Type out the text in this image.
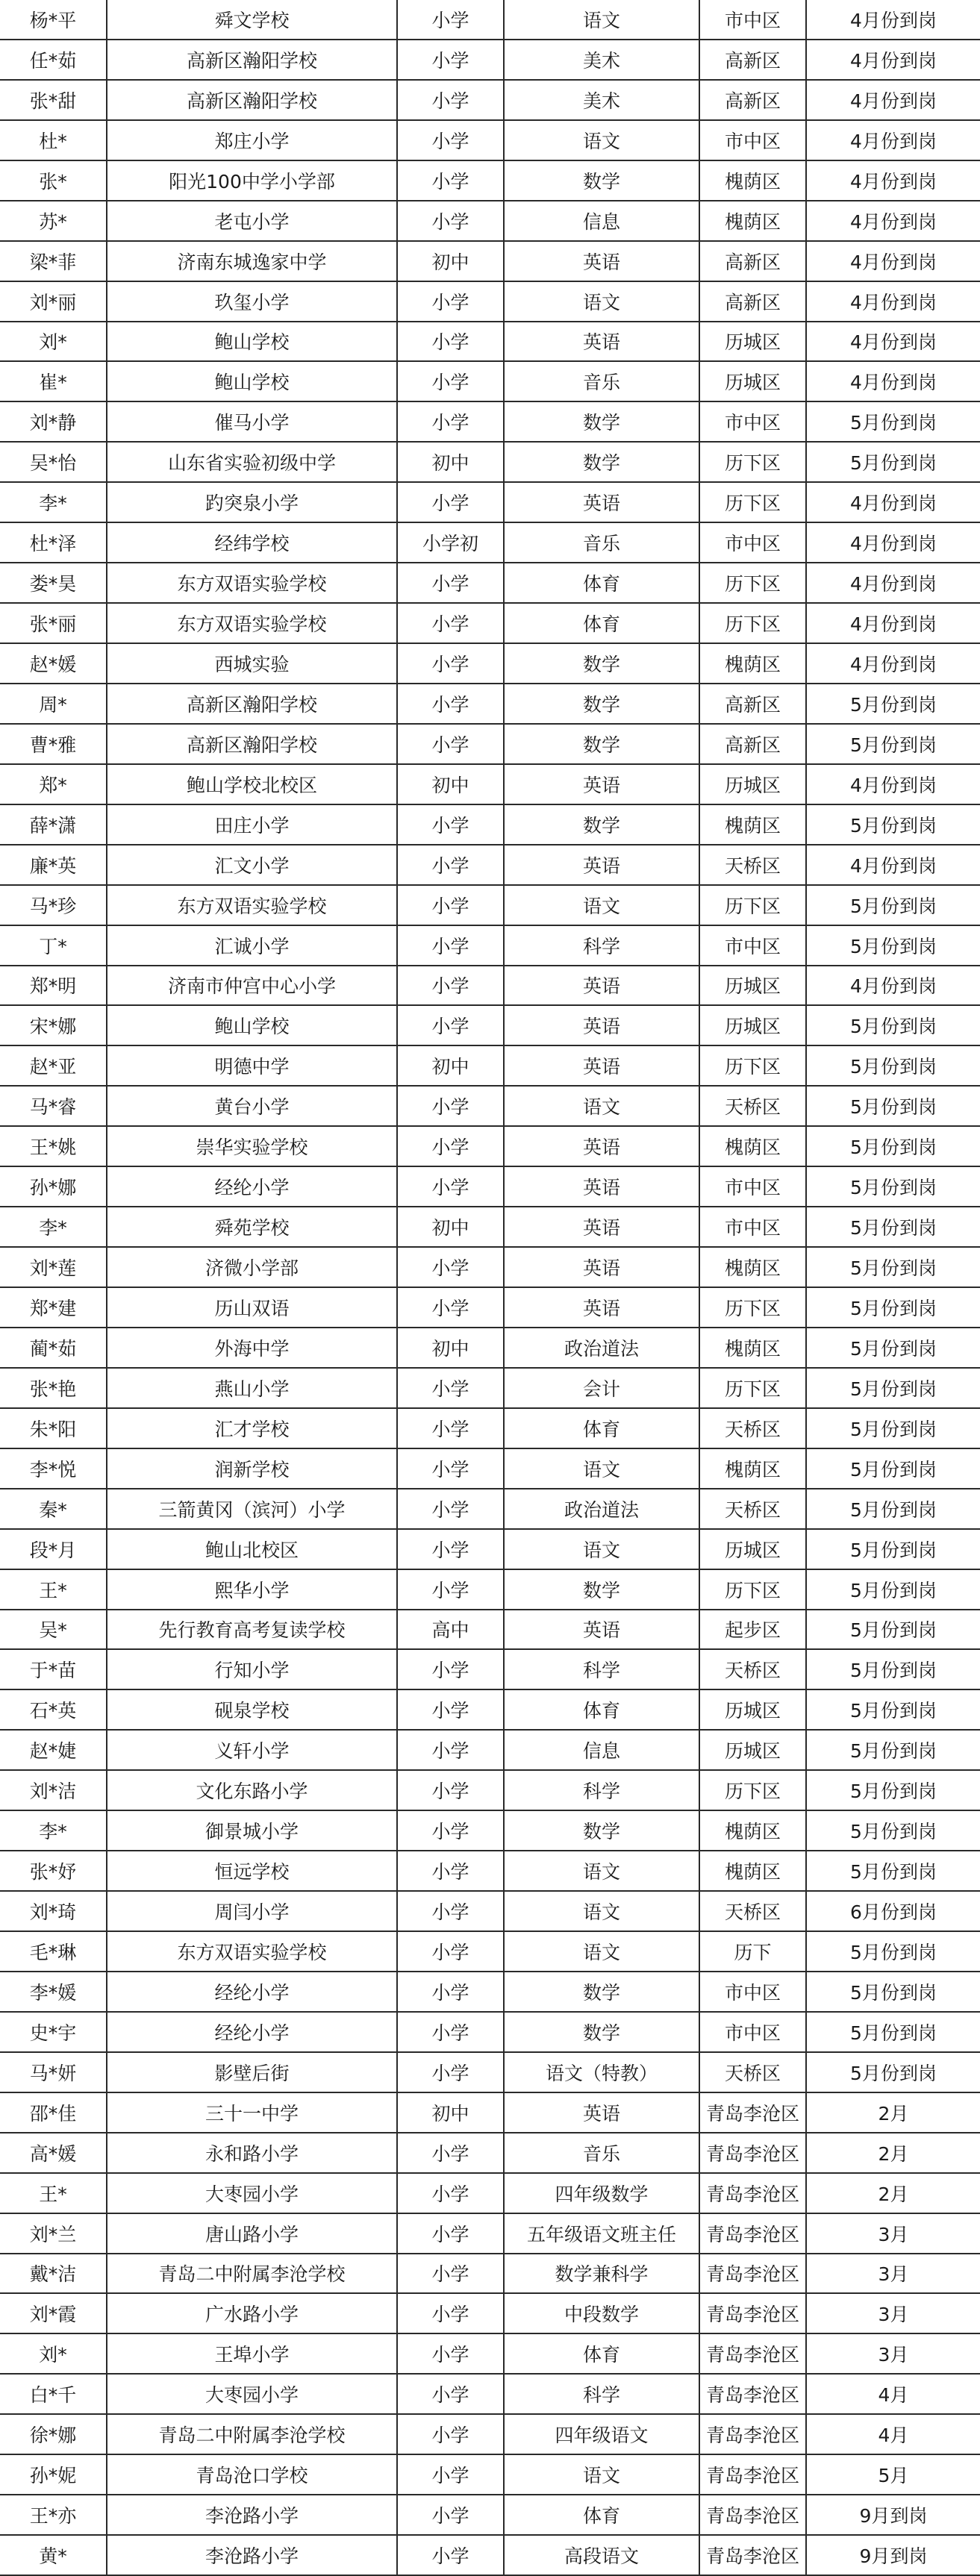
杨*平	舜文学校	小学	语文	市中区	4月份到岗
任*茹	高新区瀚阳学校	小学	美术	高新区	4月份到岗
张*甜	高新区瀚阳学校	小学	美术	高新区	4月份到岗
杜*	郑庄小学	小学	语文	市中区	4月份到岗
张*	阳光100中学小学部	小学	数学	槐荫区	4月份到岗
苏*	老屯小学	小学	信息	槐荫区	4月份到岗
梁*菲	济南东城逸家中学	初中	英语	高新区	4月份到岗
刘*丽	玖玺小学	小学	语文	高新区	4月份到岗
刘*	鲍山学校	小学	英语	历城区	4月份到岗
崔*	鲍山学校	小学	音乐	历城区	4月份到岗
刘*静	催马小学	小学	数学	市中区	5月份到岗
吴*怡	山东省实验初级中学	初中	数学	历下区	5月份到岗
李*	趵突泉小学	小学	英语	历下区	4月份到岗
杜*泽	经纬学校	小学初	音乐	市中区	4月份到岗
娄*昊	东方双语实验学校	小学	体育	历下区	4月份到岗
张*丽	东方双语实验学校	小学	体育	历下区	4月份到岗
赵*媛	西城实验	小学	数学	槐荫区	4月份到岗
周*	高新区瀚阳学校	小学	数学	高新区	5月份到岗
曹*雅	高新区瀚阳学校	小学	数学	高新区	5月份到岗
郑*	鲍山学校北校区	初中	英语	历城区	4月份到岗
薛*潇	田庄小学	小学	数学	槐荫区	5月份到岗
廉*英	汇文小学	小学	英语	天桥区	4月份到岗
马*珍	东方双语实验学校	小学	语文	历下区	5月份到岗
丁*	汇诚小学	小学	科学	市中区	5月份到岗
郑*明	济南市仲宫中心小学	小学	英语	历城区	4月份到岗
宋*娜	鲍山学校	小学	英语	历城区	5月份到岗
赵*亚	明德中学	初中	英语	历下区	5月份到岗
马*睿	黄台小学	小学	语文	天桥区	5月份到岗
王*姚	崇华实验学校	小学	英语	槐荫区	5月份到岗
孙*娜	经纶小学	小学	英语	市中区	5月份到岗
李*	舜苑学校	初中	英语	市中区	5月份到岗
刘*莲	济微小学部	小学	英语	槐荫区	5月份到岗
郑*建	历山双语	小学	英语	历下区	5月份到岗
蔺*茹	外海中学	初中	政治道法	槐荫区	5月份到岗
张*艳	燕山小学	小学	会计	历下区	5月份到岗
朱*阳	汇才学校	小学	体育	天桥区	5月份到岗
李*悦	润新学校	小学	语文	槐荫区	5月份到岗
秦*	三箭黄冈（滨河）小学	小学	政治道法	天桥区	5月份到岗
段*月	鲍山北校区	小学	语文	历城区	5月份到岗
王*	熙华小学	小学	数学	历下区	5月份到岗
吴*	先行教育高考复读学校	高中	英语	起步区	5月份到岗
于*苗	行知小学	小学	科学	天桥区	5月份到岗
石*英	砚泉学校	小学	体育	历城区	5月份到岗
赵*婕	义轩小学	小学	信息	历城区	5月份到岗
刘*洁	文化东路小学	小学	科学	历下区	5月份到岗
李*	御景城小学	小学	数学	槐荫区	5月份到岗
张*妤	恒远学校	小学	语文	槐荫区	5月份到岗
刘*琦	周闫小学	小学	语文	天桥区	6月份到岗
毛*琳	东方双语实验学校	小学	语文	历下	5月份到岗
李*媛	经纶小学	小学	数学	市中区	5月份到岗
史*宇	经纶小学	小学	数学	市中区	5月份到岗
马*妍	影壁后街	小学	语文（特教）	天桥区	5月份到岗
邵*佳	三十一中学	初中	英语	青岛李沧区	2月
高*媛	永和路小学	小学	音乐	青岛李沧区	2月
王*	大枣园小学	小学	四年级数学	青岛李沧区	2月
刘*兰	唐山路小学	小学	五年级语文班主任	青岛李沧区	3月
戴*洁	青岛二中附属李沧学校	小学	数学兼科学	青岛李沧区	3月
刘*霞	广水路小学	小学	中段数学	青岛李沧区	3月
刘*	王埠小学	小学	体育	青岛李沧区	3月
白*千	大枣园小学	小学	科学	青岛李沧区	4月
徐*娜	青岛二中附属李沧学校	小学	四年级语文	青岛李沧区	4月
孙*妮	青岛沧口学校	小学	语文	青岛李沧区	5月
王*亦	李沧路小学	小学	体育	青岛李沧区	9月到岗
黄*	李沧路小学	小学	高段语文	青岛李沧区	9月到岗
